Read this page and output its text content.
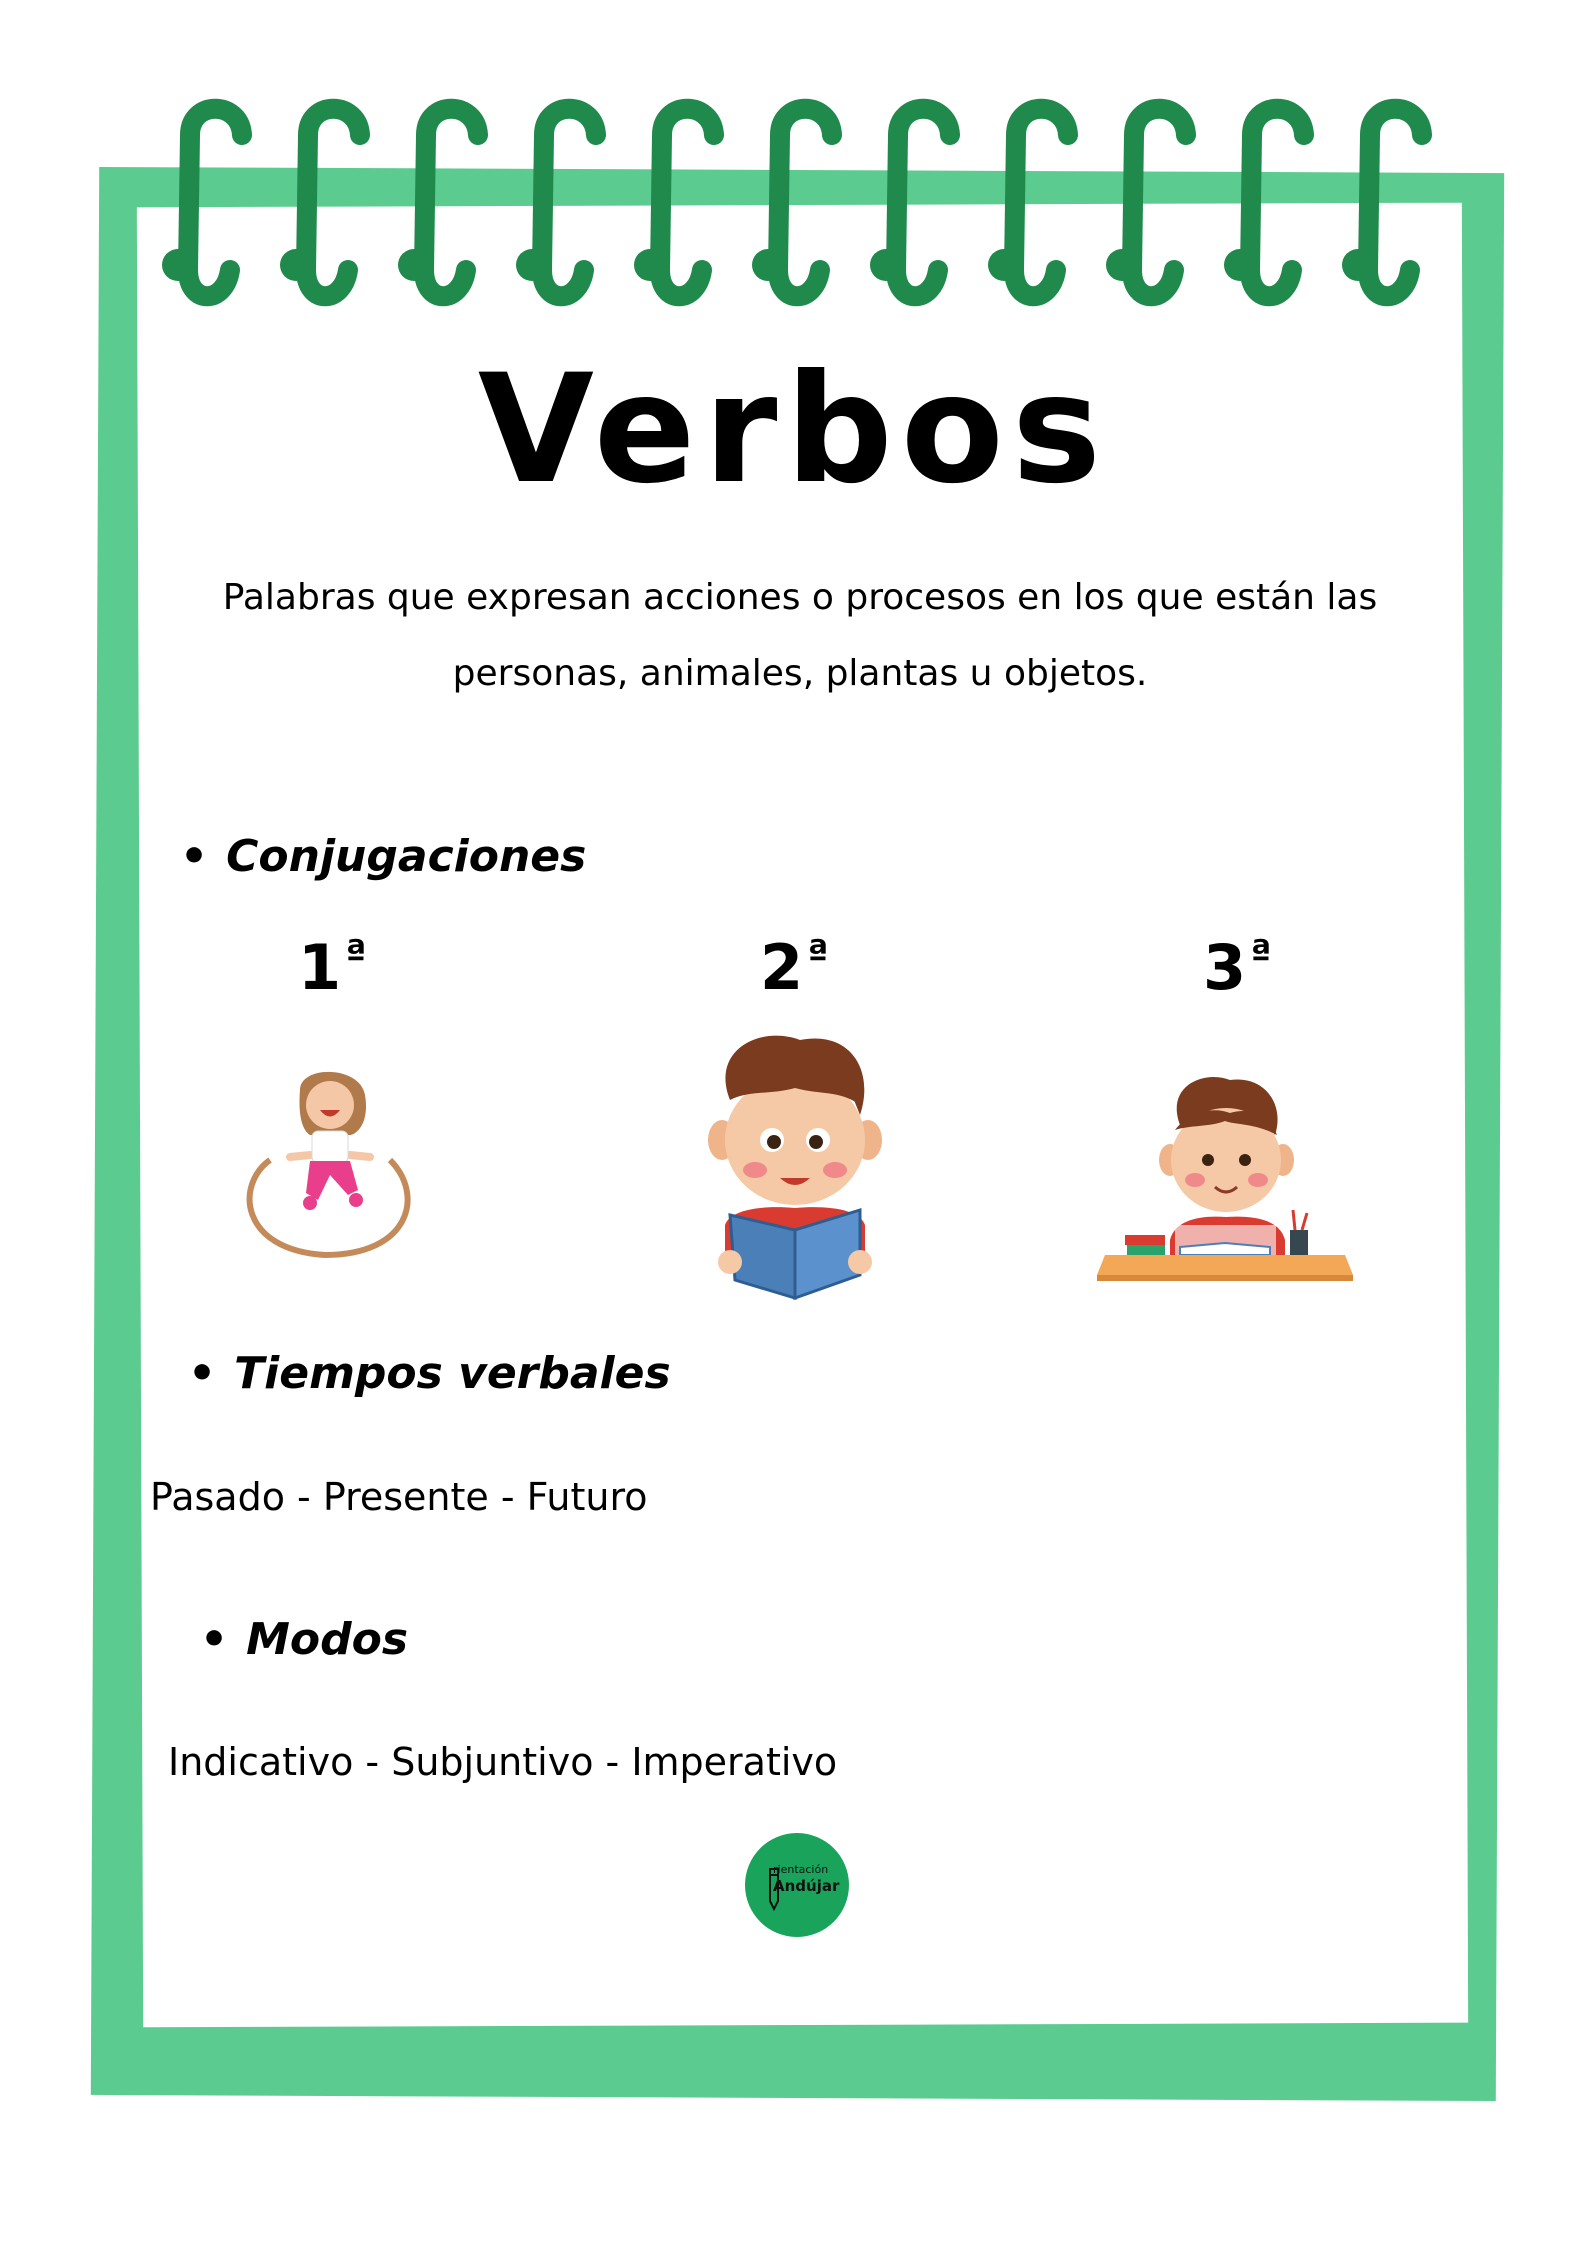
Verbos
Palabras que expresan acciones o procesos en los que están las
personas, animales, plantas u objetos.
• Conjugaciones
1 $^ª$	2 $^ª$	3 $^ª$
• Tiempos verbales
Pasado - Presente - Futuro
• Modos
Indicativo - Subjuntivo - Imperativo
rientación
Andújar
